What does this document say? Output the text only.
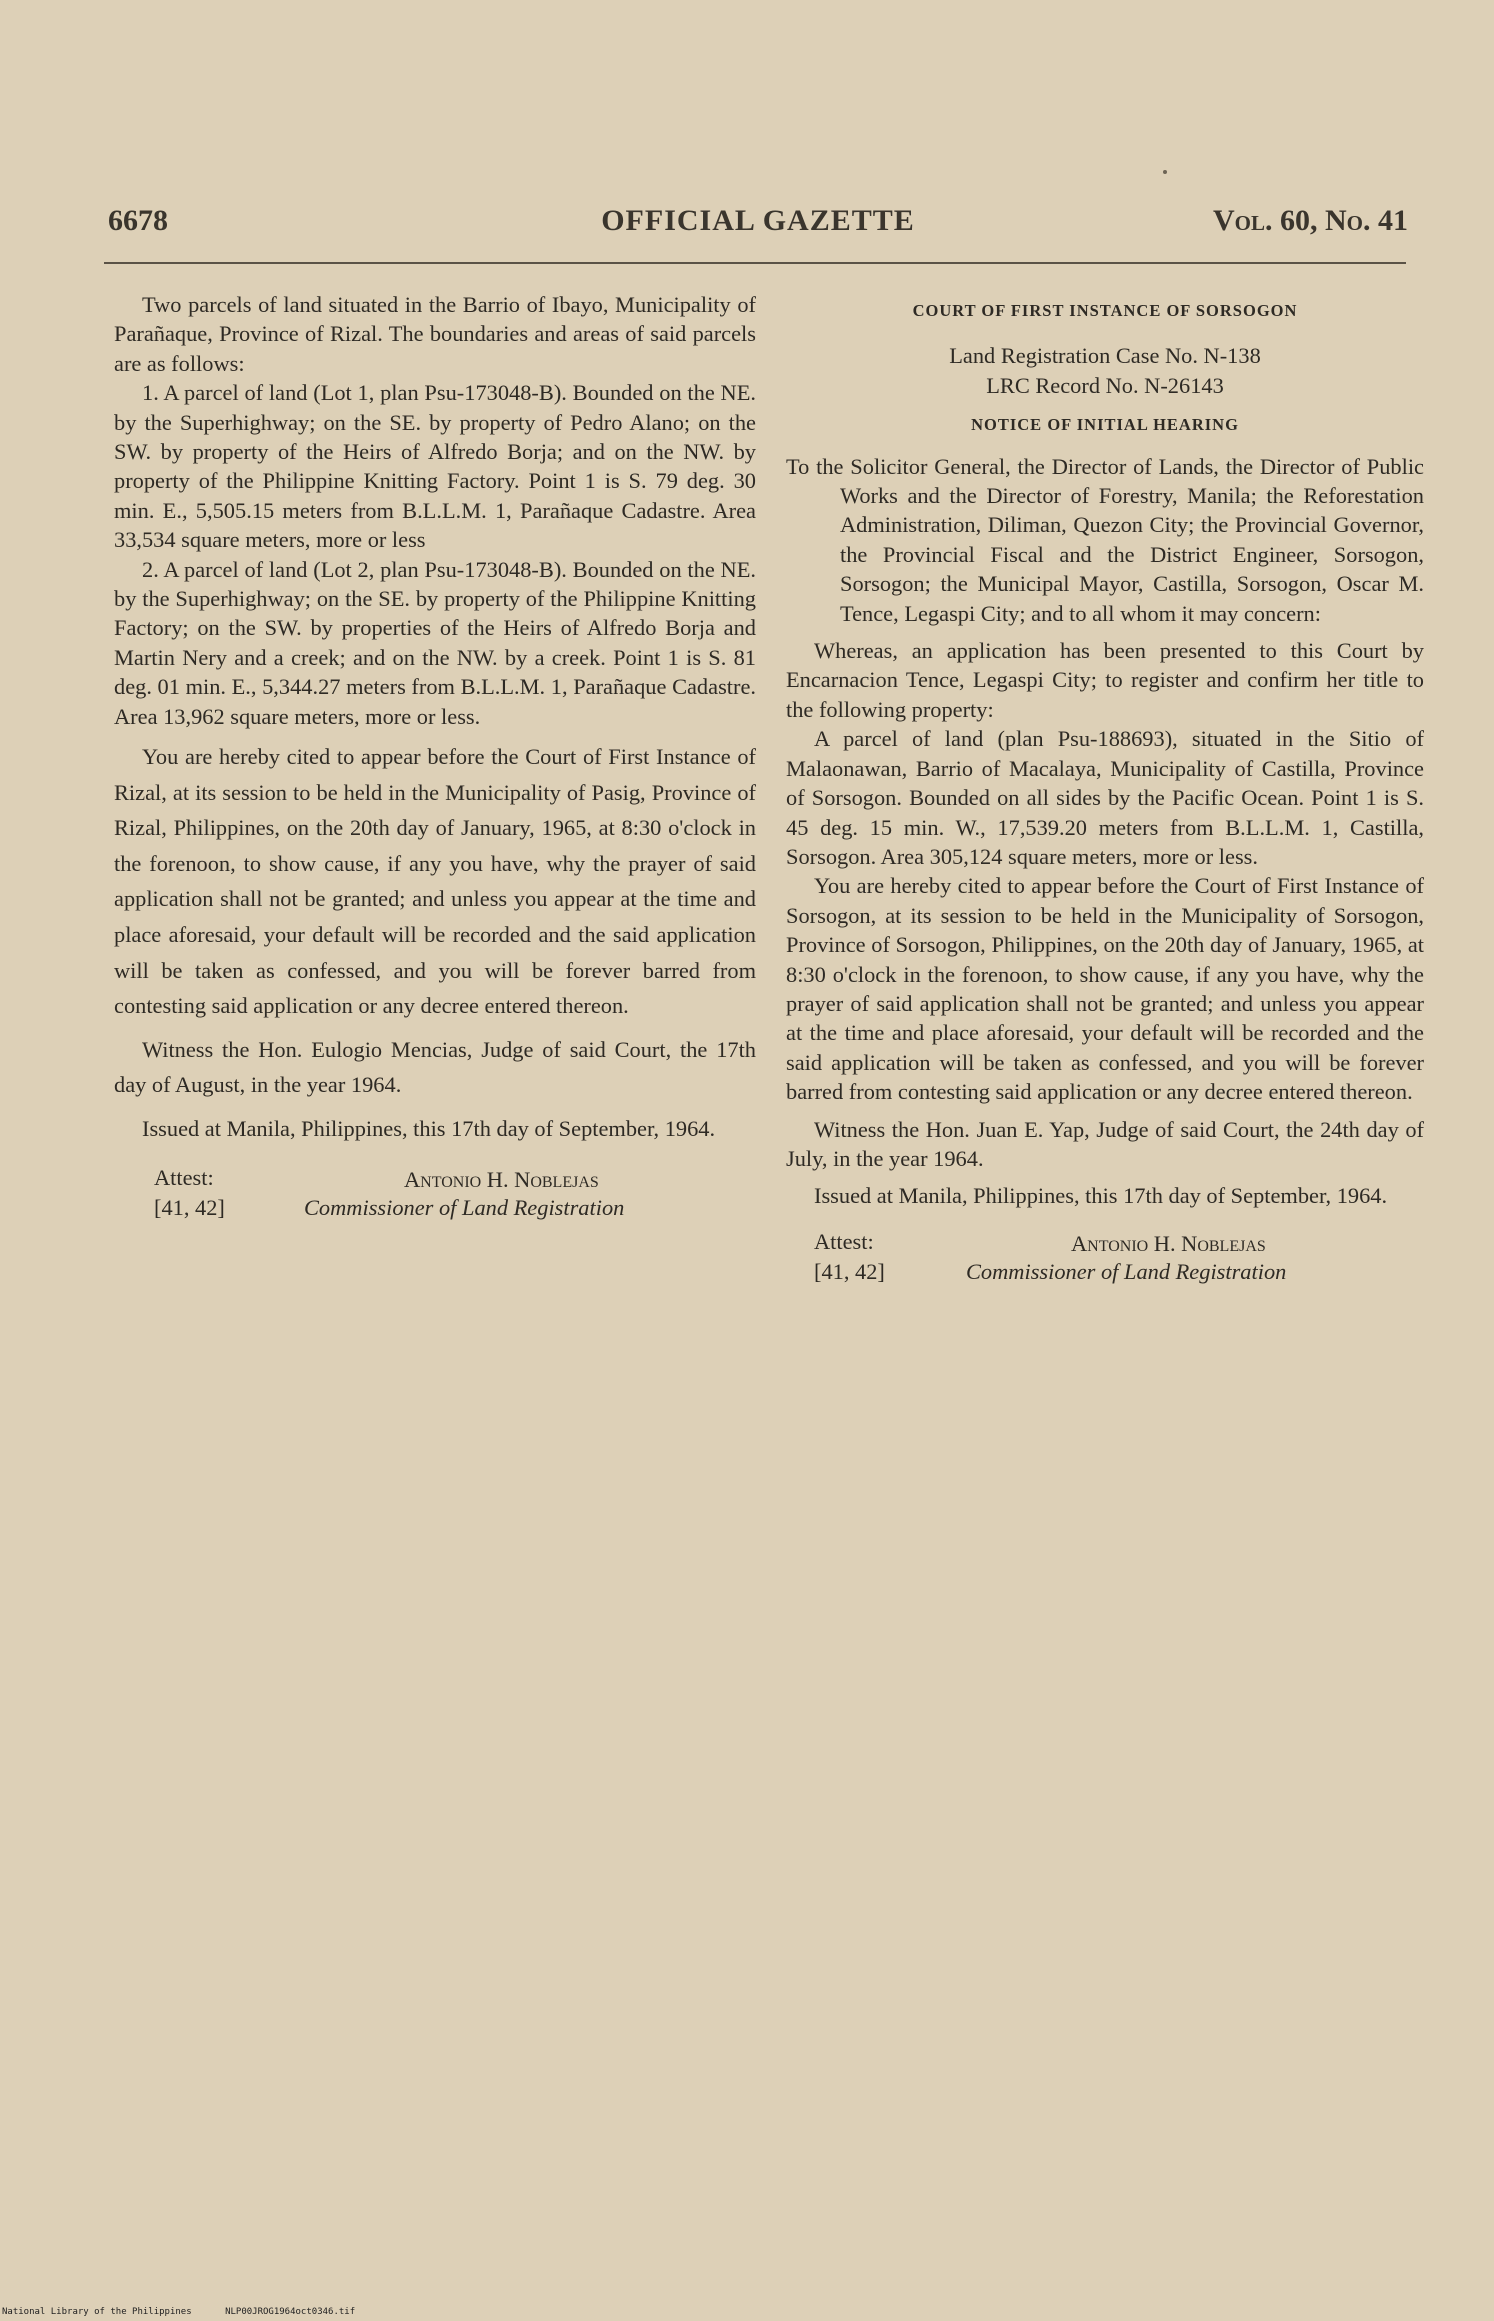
OFFICIAL GAZETTE
6678	Vol. 60, No. 41

Two parcels of land situated in the Barrio of Ibayo, Municipality of Parañaque, Province of Rizal. The boundaries and areas of said parcels are as follows:

1. A parcel of land (Lot 1, plan Psu-173048-B). Bounded on the NE. by the Superhighway; on the SE. by property of Pedro Alano; on the SW. by property of the Heirs of Alfredo Borja; and on the NW. by property of the Philippine Knitting Factory. Point 1 is S. 79 deg. 30 min. E., 5,505.15 meters from B.L.L.M. 1, Parañaque Cadastre. Area 33,534 square meters, more or less

2. A parcel of land (Lot 2, plan Psu-173048-B). Bounded on the NE. by the Superhighway; on the SE. by property of the Philippine Knitting Factory; on the SW. by properties of the Heirs of Alfredo Borja and Martin Nery and a creek; and on the NW. by a creek. Point 1 is S. 81 deg. 01 min. E., 5,344.27 meters from B.L.L.M. 1, Parañaque Cadastre. Area 13,962 square meters, more or less.

You are hereby cited to appear before the Court of First Instance of Rizal, at its session to be held in the Municipality of Pasig, Province of Rizal, Philippines, on the 20th day of January, 1965, at 8:30 o'clock in the forenoon, to show cause, if any you have, why the prayer of said application shall not be granted; and unless you appear at the time and place aforesaid, your default will be recorded and the said application will be taken as confessed, and you will be forever barred from contesting said application or any decree entered thereon.

Witness the Hon. Eulogio Mencias, Judge of said Court, the 17th day of August, in the year 1964.

Issued at Manila, Philippines, this 17th day of September, 1964.

Attest:
[41, 42]
Antonio H. Noblejas
Commissioner of Land Registration

COURT OF FIRST INSTANCE OF SORSOGON

Land Registration Case No. N-138

LRC Record No. N-26143

NOTICE OF INITIAL HEARING

To the Solicitor General, the Director of Lands, the Director of Public Works and the Director of Forestry, Manila; the Reforestation Administration, Diliman, Quezon City; the Provincial Governor, the Provincial Fiscal and the District Engineer, Sorsogon, Sorsogon; the Municipal Mayor, Castilla, Sorsogon, Oscar M. Tence, Legaspi City; and to all whom it may concern:

Whereas, an application has been presented to this Court by Encarnacion Tence, Legaspi City; to register and confirm her title to the following property:

A parcel of land (plan Psu-188693), situated in the Sitio of Malaonawan, Barrio of Macalaya, Municipality of Castilla, Province of Sorsogon. Bounded on all sides by the Pacific Ocean. Point 1 is S. 45 deg. 15 min. W., 17,539.20 meters from B.L.L.M. 1, Castilla, Sorsogon. Area 305,124 square meters, more or less.

You are hereby cited to appear before the Court of First Instance of Sorsogon, at its session to be held in the Municipality of Sorsogon, Province of Sorsogon, Philippines, on the 20th day of January, 1965, at 8:30 o'clock in the forenoon, to show cause, if any you have, why the prayer of said application shall not be granted; and unless you appear at the time and place aforesaid, your default will be recorded and the said application will be taken as confessed, and you will be forever barred from contesting said application or any decree entered thereon.

Witness the Hon. Juan E. Yap, Judge of said Court, the 24th day of July, in the year 1964.

Issued at Manila, Philippines, this 17th day of September, 1964.

Attest:
[41, 42]
Antonio H. Noblejas
Commissioner of Land Registration
National Library of the Philippines	NLP00JROG1964oct0346.tif
